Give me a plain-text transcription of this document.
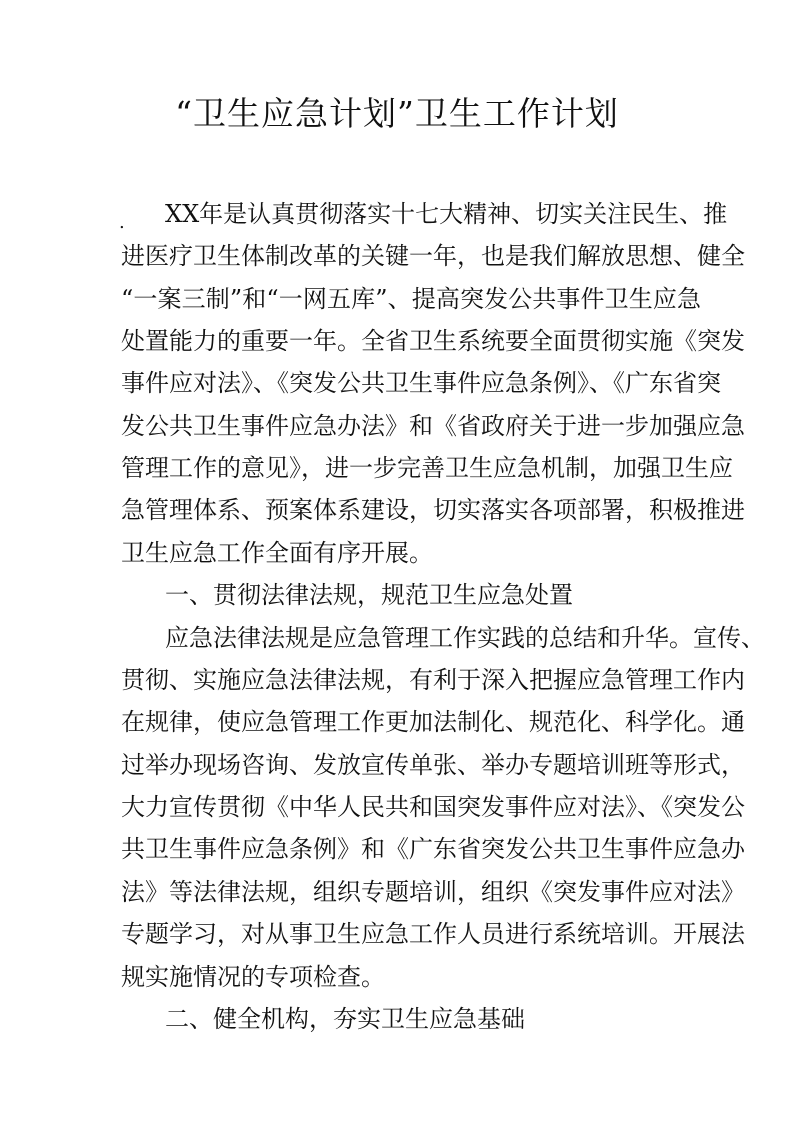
“卫生应急计划”卫生工作计划
. XX年是认真贯彻落实十七大精神、切实关注民生、推
进医疗卫生体制改革的关键一年，也是我们解放思想、健全
“一案三制”和“一网五库”、提高突发公共事件卫生应急
处置能力的重要一年。全省卫生系统要全面贯彻实施《突发
事件应对法》、《突发公共卫生事件应急条例》、《广东省突
发公共卫生事件应急办法》和《省政府关于进一步加强应急
管理工作的意见》，进一步完善卫生应急机制，加强卫生应
急管理体系、预案体系建设，切实落实各项部署，积极推进
卫生应急工作全面有序开展。
一、贯彻法律法规，规范卫生应急处置
应急法律法规是应急管理工作实践的总结和升华。宣传、
贯彻、实施应急法律法规，有利于深入把握应急管理工作内
在规律，使应急管理工作更加法制化、规范化、科学化。通
过举办现场咨询、发放宣传单张、举办专题培训班等形式，
大力宣传贯彻《中华人民共和国突发事件应对法》、《突发公
共卫生事件应急条例》和《广东省突发公共卫生事件应急办
法》等法律法规，组织专题培训，组织《突发事件应对法》
专题学习，对从事卫生应急工作人员进行系统培训。开展法
规实施情况的专项检查。
二、健全机构，夯实卫生应急基础
